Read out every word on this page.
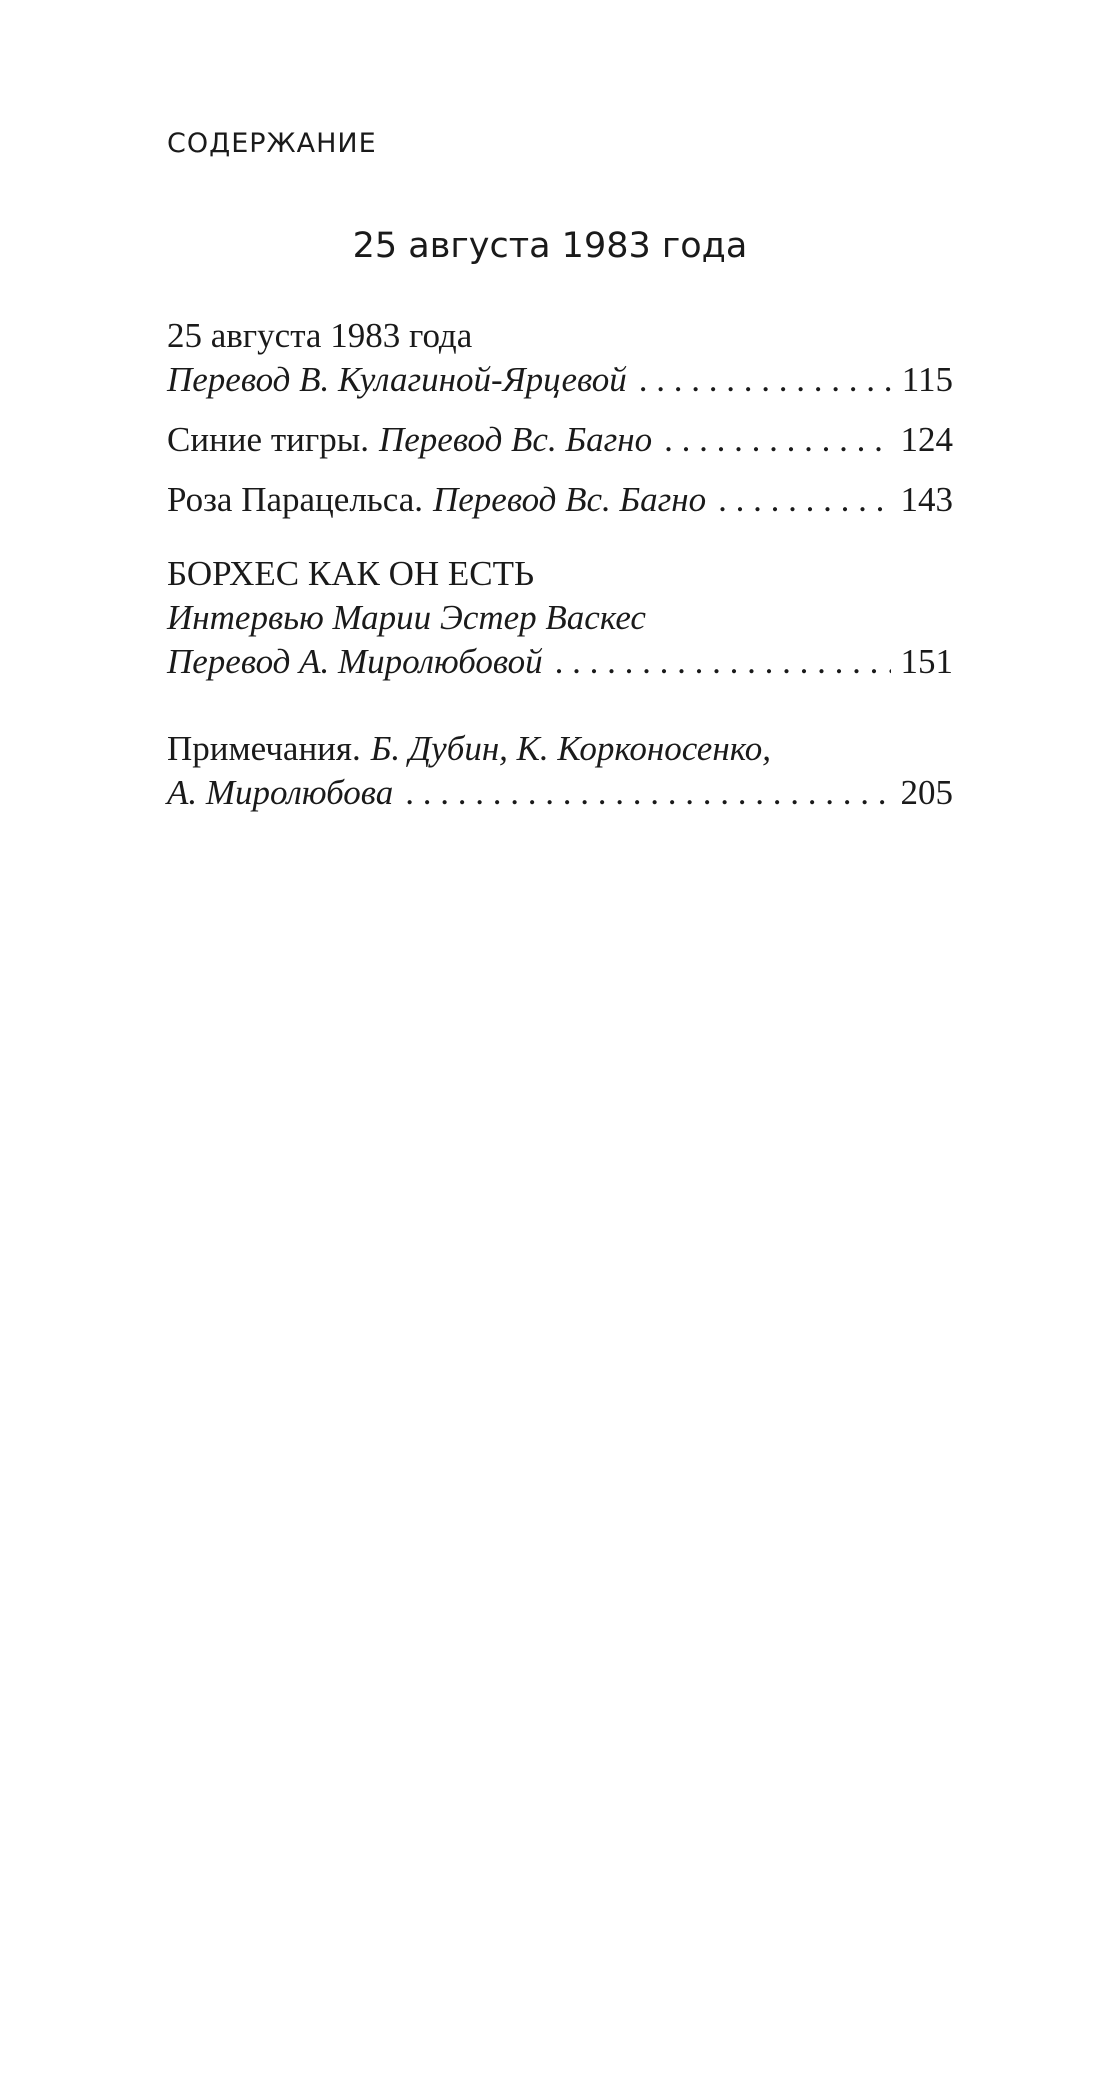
СОДЕРЖАНИЕ
25 августа 1983 года
25 августа 1983 года
Перевод В. Кулагиной-Ярцевой . . .	115
Синие тигры. Перевод Вс. Багно . . .	124
Роза Парацельса. Перевод Вс. Багно . . .	143
БОРХЕС КАК ОН ЕСТЬ
Интервью Марии Эстер Васкес
Перевод А. Миролюбовой . . .	151
Примечания. Б. Дубин, К. Корконосенко,
А. Миролюбова . . .	205
